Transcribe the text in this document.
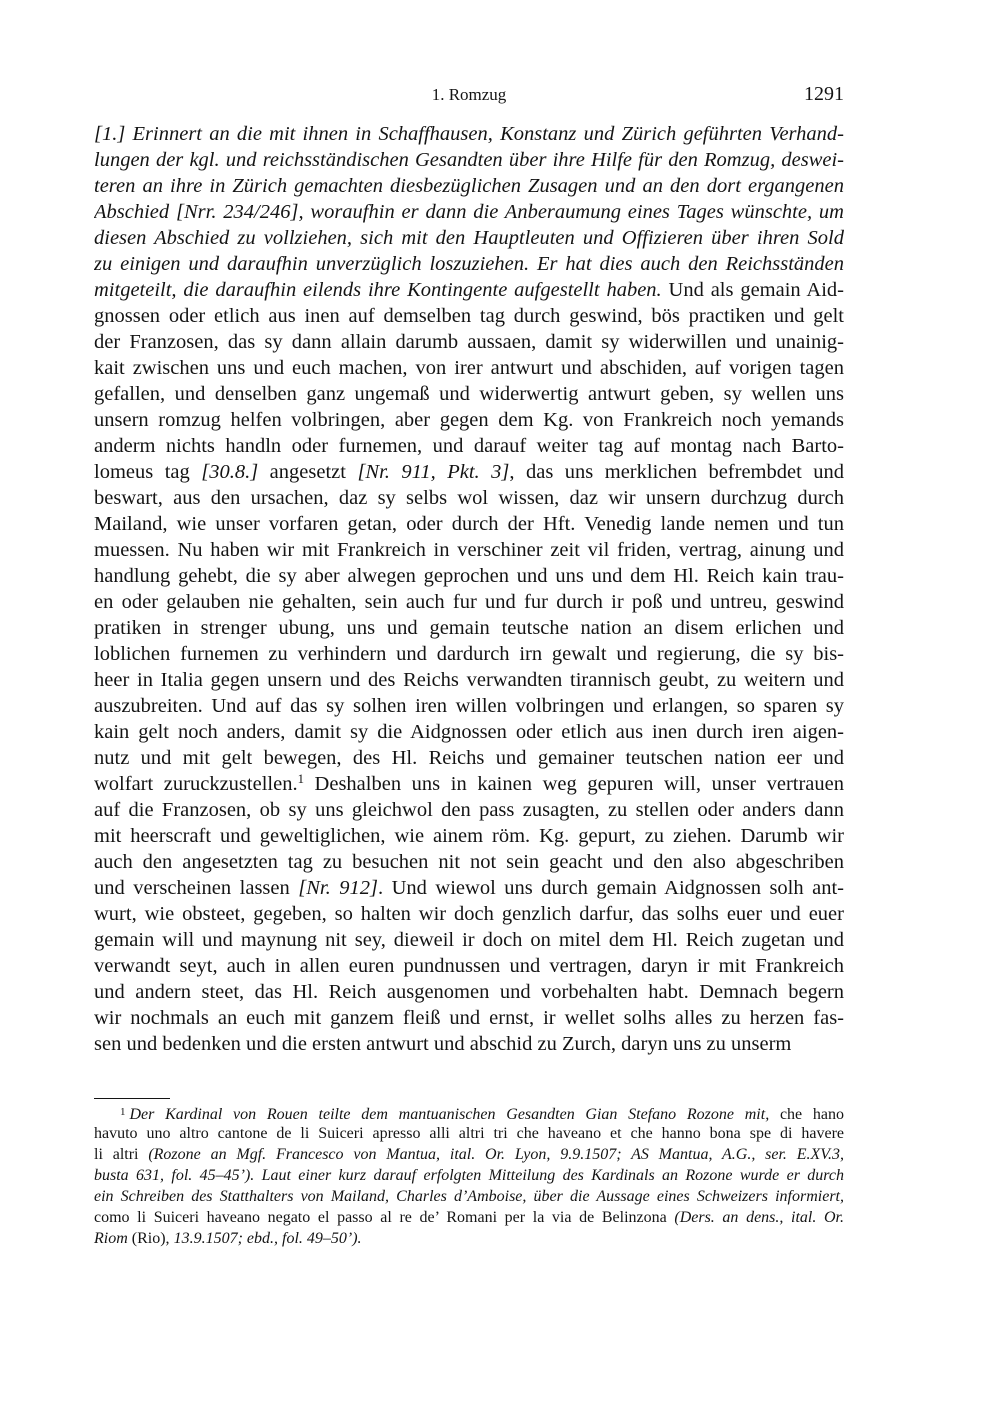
1. Romzug	1291
[1.] Erinnert an die mit ihnen in Schaffhausen, Konstanz und Zürich geführten Verhand-
lungen der kgl. und reichsständischen Gesandten über ihre Hilfe für den Romzug, deswei-
teren an ihre in Zürich gemachten diesbezüglichen Zusagen und an den dort ergangenen
Abschied [Nrr. 234/246], woraufhin er dann die Anberaumung eines Tages wünschte, um
diesen Abschied zu vollziehen, sich mit den Hauptleuten und Offizieren über ihren Sold
zu einigen und daraufhin unverzüglich loszuziehen. Er hat dies auch den Reichsständen
mitgeteilt, die daraufhin eilends ihre Kontingente aufgestellt haben. Und als gemain Aid-
gnossen oder etlich aus inen auf demselben tag durch geswind, bös practiken und gelt
der Franzosen, das sy dann allain darumb aussaen, damit sy widerwillen und unainig-
kait zwischen uns und euch machen, von irer antwurt und abschiden, auf vorigen tagen
gefallen, und denselben ganz ungemaß und widerwertig antwurt geben, sy wellen uns
unsern romzug helfen volbringen, aber gegen dem Kg. von Frankreich noch yemands
anderm nichts handln oder furnemen, und darauf weiter tag auf montag nach Barto-
lomeus tag [30.8.] angesetzt [Nr. 911, Pkt. 3], das uns merklichen befrembdet und
beswart, aus den ursachen, daz sy selbs wol wissen, daz wir unsern durchzug durch
Mailand, wie unser vorfaren getan, oder durch der Hft. Venedig lande nemen und tun
muessen. Nu haben wir mit Frankreich in verschiner zeit vil friden, vertrag, ainung und
handlung gehebt, die sy aber alwegen geprochen und uns und dem Hl. Reich kain trau-
en oder gelauben nie gehalten, sein auch fur und fur durch ir poß und untreu, geswind
pratiken in strenger ubung, uns und gemain teutsche nation an disem erlichen und
loblichen furnemen zu verhindern und dardurch irn gewalt und regierung, die sy bis-
heer in Italia gegen unsern und des Reichs verwandten tirannisch geubt, zu weitern und
auszubreiten. Und auf das sy solhen iren willen volbringen und erlangen, so sparen sy
kain gelt noch anders, damit sy die Aidgnossen oder etlich aus inen durch iren aigen-
nutz und mit gelt bewegen, des Hl. Reichs und gemainer teutschen nation eer und
wolfart zuruckzustellen.$^1$ Deshalben uns in kainen weg gepuren will, unser vertrauen
auf die Franzosen, ob sy uns gleichwol den pass zusagten, zu stellen oder anders dann
mit heerscraft und geweltiglichen, wie ainem röm. Kg. gepurt, zu ziehen. Darumb wir
auch den angesetzten tag zu besuchen nit not sein geacht und den also abgeschriben
und verscheinen lassen [Nr. 912]. Und wiewol uns durch gemain Aidgnossen solh ant-
wurt, wie obsteet, gegeben, so halten wir doch genzlich darfur, das solhs euer und euer
gemain will und maynung nit sey, dieweil ir doch on mitel dem Hl. Reich zugetan und
verwandt seyt, auch in allen euren pundnussen und vertragen, daryn ir mit Frankreich
und andern steet, das Hl. Reich ausgenomen und vorbehalten habt. Demnach begern
wir nochmals an euch mit ganzem fleiß und ernst, ir wellet solhs alles zu herzen fas-
sen und bedenken und die ersten antwurt und abschid zu Zurch, daryn uns zu unserm
$^1$ Der Kardinal von Rouen teilte dem mantuanischen Gesandten Gian Stefano Rozone mit, che hano
havuto uno altro cantone de li Suiceri apresso alli altri tri che haveano et che hanno bona spe di havere
li altri (Rozone an Mgf. Francesco von Mantua, ital. Or. Lyon, 9.9.1507; AS Mantua, A.G., ser. E.XV.3,
busta 631, fol. 45–45’). Laut einer kurz darauf erfolgten Mitteilung des Kardinals an Rozone wurde er durch
ein Schreiben des Statthalters von Mailand, Charles d’Amboise, über die Aussage eines Schweizers informiert,
como li Suiceri haveano negato el passo al re de’ Romani per la via de Belinzona (Ders. an dens., ital. Or.
Riom (Rio), 13.9.1507; ebd., fol. 49–50’).
